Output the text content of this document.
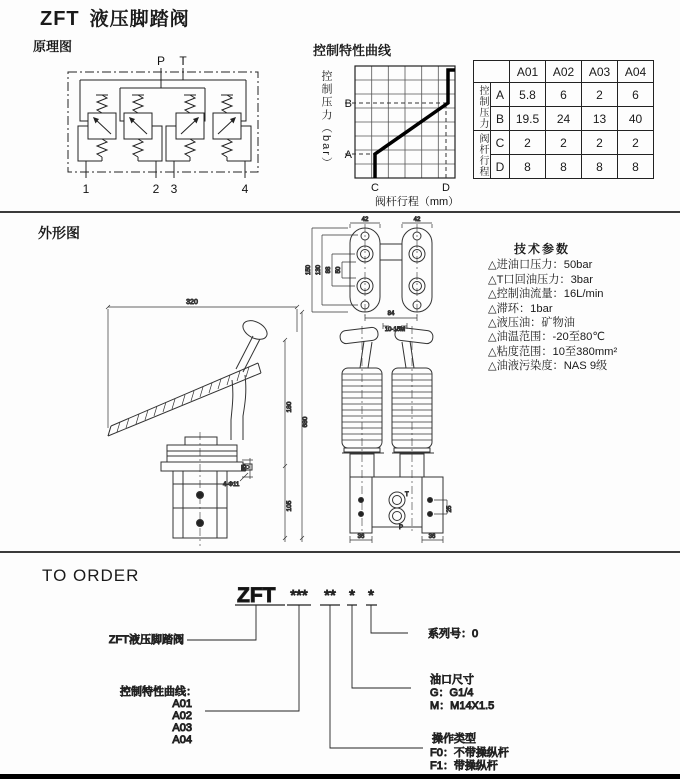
ZFT 液压脚踏阀
原理图	控制特性曲线
P T
1	2 3	4
控制压力（bar） B
A
C	D
阀杆行程（mm）
		A01	A02	A03	A04

控制压力	A	5.8	6	2	6
	B	19.5	24	13	40

阀杆行程	C	2	2	2	2
	D	8	8	8	8
外形图
320
180
680
105
55
4-Φ11
42	42
150 130 88 50
84
10-15M
T
P
25
36	36
技术参数
△进油口压力：50bar
△T口回油压力：3bar
△控制油流量：16L/min
△滞环：1bar
△液压油：矿物油
△油温范围：-20至80℃
△粘度范围：10至380mm²
△油液污染度：NAS 9级
TO ORDER
ZFT *** ** * *
ZFT液压脚踏阀
控制特性曲线：
A01
A02
A03
A04
系列号：0
油口尺寸
G：G1/4
M：M14X1.5
操作类型
F0：不带操纵杆
F1：带操纵杆
